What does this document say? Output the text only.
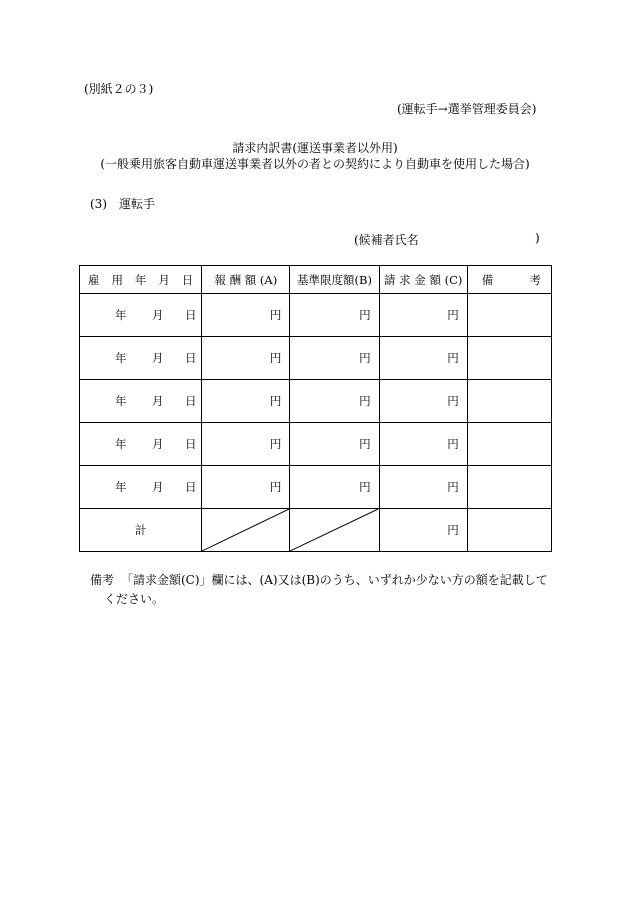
(別紙２の３)
(運転手→選挙管理委員会)
請求内訳書(運送事業者以外用)
(一般乗用旅客自動車運送事業者以外の者との契約により自動車を使用した場合)
(3)　運転手
(候補者氏名	)
雇 用 年 月 日	報 酬 額 (A)	基準限度額(B)	請 求 金 額 (C)	備 考

年 月 日	円	円	円	

年 月 日	円	円	円	

年 月 日	円	円	円	

年 月 日	円	円	円	

年 月 日	円	円	円	
計			円	
備考 「請求金額(C)」欄には、(A)又は(B)のうち、いずれか少ない方の額を記載して
ください。
